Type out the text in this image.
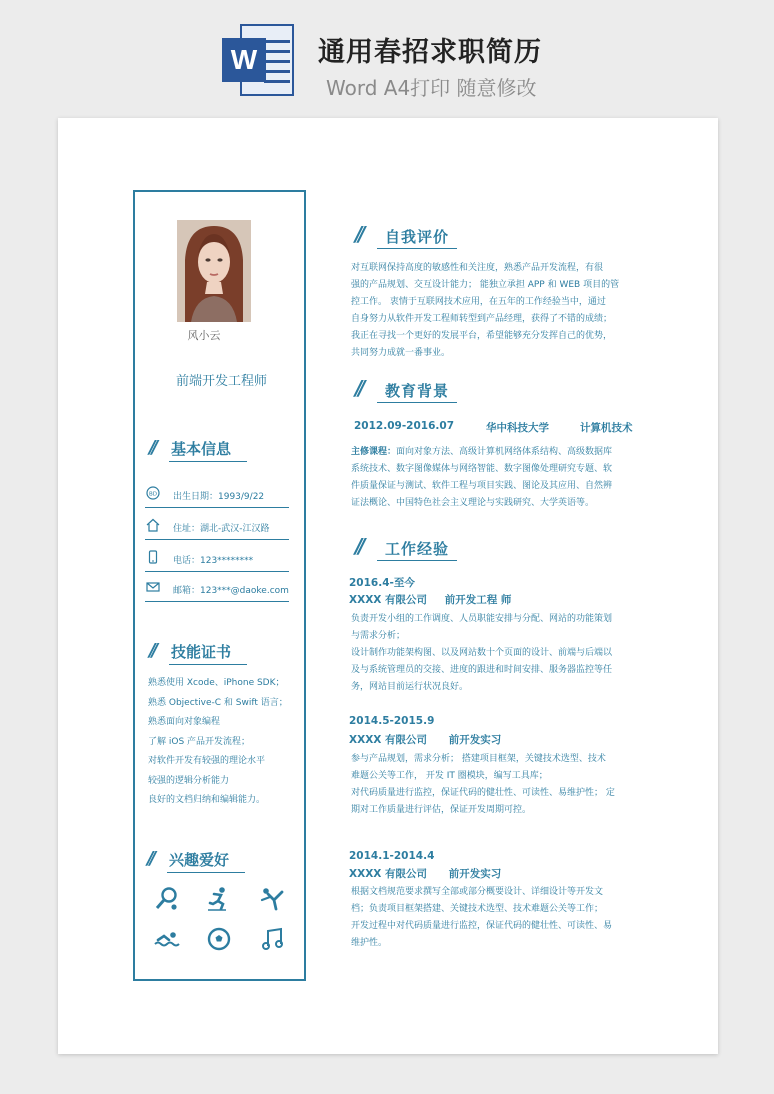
W	通用春招求职简历
Word A4打印 随意修改
风小云
前端开发工程师
// 基本信息
BD 出生日期：1993/9/22
住址：湖北-武汉-江汉路
电话：123********
邮箱：123***@daoke.com
// 技能证书
熟悉使用 Xcode、iPhone SDK；
熟悉 Objective-C 和 Swift 语言；
熟悉面向对象编程
了解 iOS 产品开发流程；
对软件开发有较强的理论水平
较强的逻辑分析能力
良好的文档归纳和编辑能力。
// 兴趣爱好
// 自我评价
对互联网保持高度的敏感性和关注度，熟悉产品开发流程，有很
强的产品规划、交互设计能力； 能独立承担 APP 和 WEB 项目的管
控工作。 衷情于互联网技术应用，在五年的工作经验当中，通过
自身努力从软件开发工程师转型到产品经理，获得了不错的成绩；
我正在寻找一个更好的发展平台，希望能够充分发挥自己的优势，
共同努力成就一番事业。
// 教育背景
2012.09-2016.07	华中科技大学	计算机技术
主修课程：面向对象方法、高级计算机网络体系结构、高级数据库
系统技术、数字图像媒体与网络智能、数字图像处理研究专题、软
件质量保证与测试、软件工程与项目实践、图论及其应用、自然辨
证法概论、中国特色社会主义理论与实践研究、大学英语等。
// 工作经验
2016.4-至今
XXXX 有限公司 前开发工程 师
负责开发小组的工作调度、人员职能安排与分配、网站的功能策划
与需求分析；
设计制作功能架构图、以及网站数十个页面的设计、前端与后端以
及与系统管理员的交接、进度的跟进和时间安排、服务器监控等任
务，网站目前运行状况良好。
2014.5-2015.9
XXXX 有限公司 前开发实习
参与产品规划，需求分析； 搭建项目框架，关键技术选型、技术
难题公关等工作， 开发 IT 圈模块，编写工具库；
对代码质量进行监控，保证代码的健壮性、可读性、易维护性； 定
期对工作质量进行评估，保证开发周期可控。
2014.1-2014.4
XXXX 有限公司 前开发实习
根据文档规范要求撰写全部或部分概要设计、详细设计等开发文
档；负责项目框架搭建、关键技术选型、技术难题公关等工作；
开发过程中对代码质量进行监控，保证代码的健壮性、可读性、易
维护性。
